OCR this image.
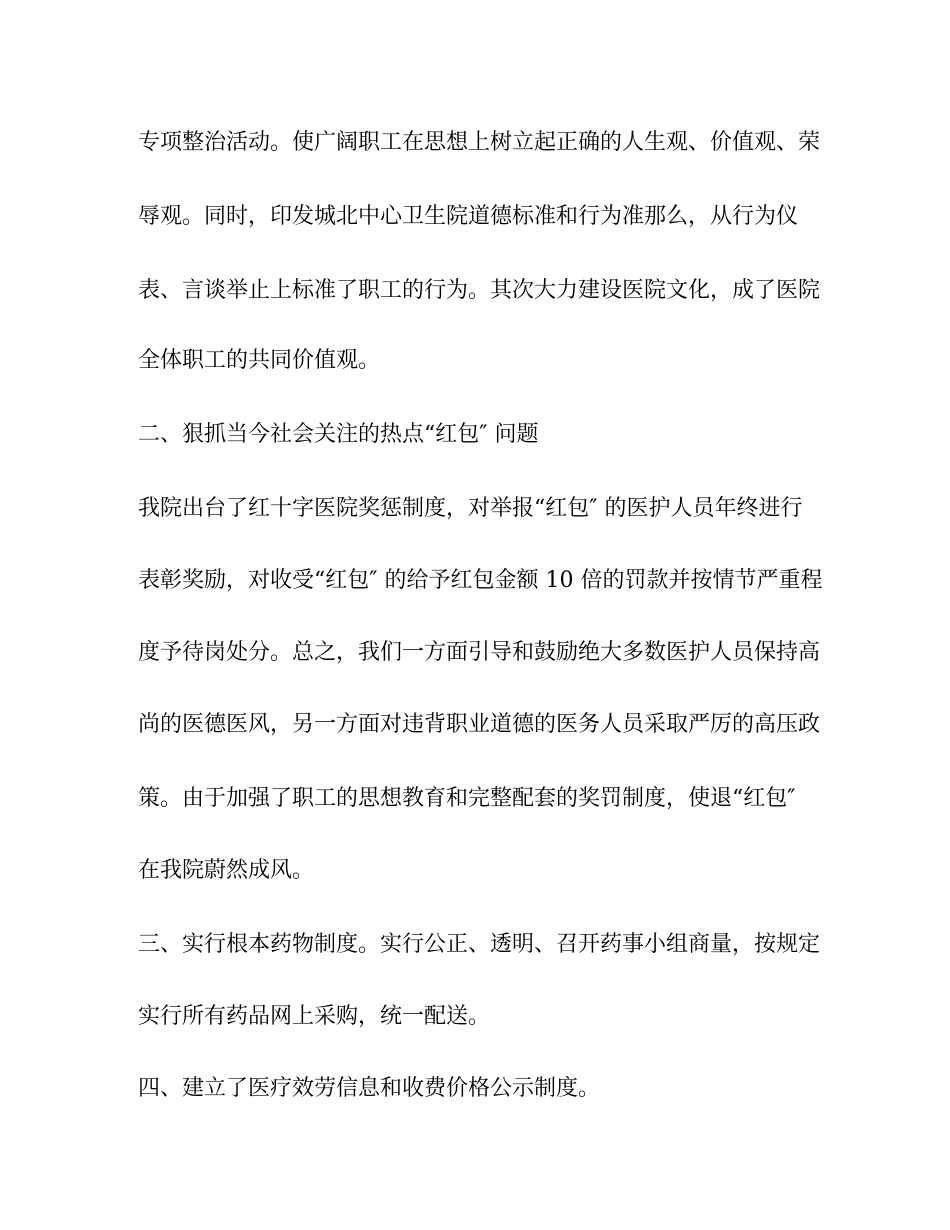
专项整治活动。使广阔职工在思想上树立起正确的人生观、价值观、荣
辱观。同时，印发城北中心卫生院道德标准和行为准那么，从行为仪
表、言谈举止上标准了职工的行为。其次大力建设医院文化，成了医院
全体职工的共同价值观。
二、狠抓当今社会关注的热点“红包″ 问题
我院出台了红十字医院奖惩制度，对举报“红包″ 的医护人员年终进行
表彰奖励，对收受“红包″ 的给予红包金额 10 倍的罚款并按情节严重程
度予待岗处分。总之，我们一方面引导和鼓励绝大多数医护人员保持高
尚的医德医风，另一方面对违背职业道德的医务人员采取严厉的高压政
策。由于加强了职工的思想教育和完整配套的奖罚制度，使退“红包″
在我院蔚然成风。
三、实行根本药物制度。实行公正、透明、召开药事小组商量，按规定
实行所有药品网上采购，统一配送。
四、建立了医疗效劳信息和收费价格公示制度。
